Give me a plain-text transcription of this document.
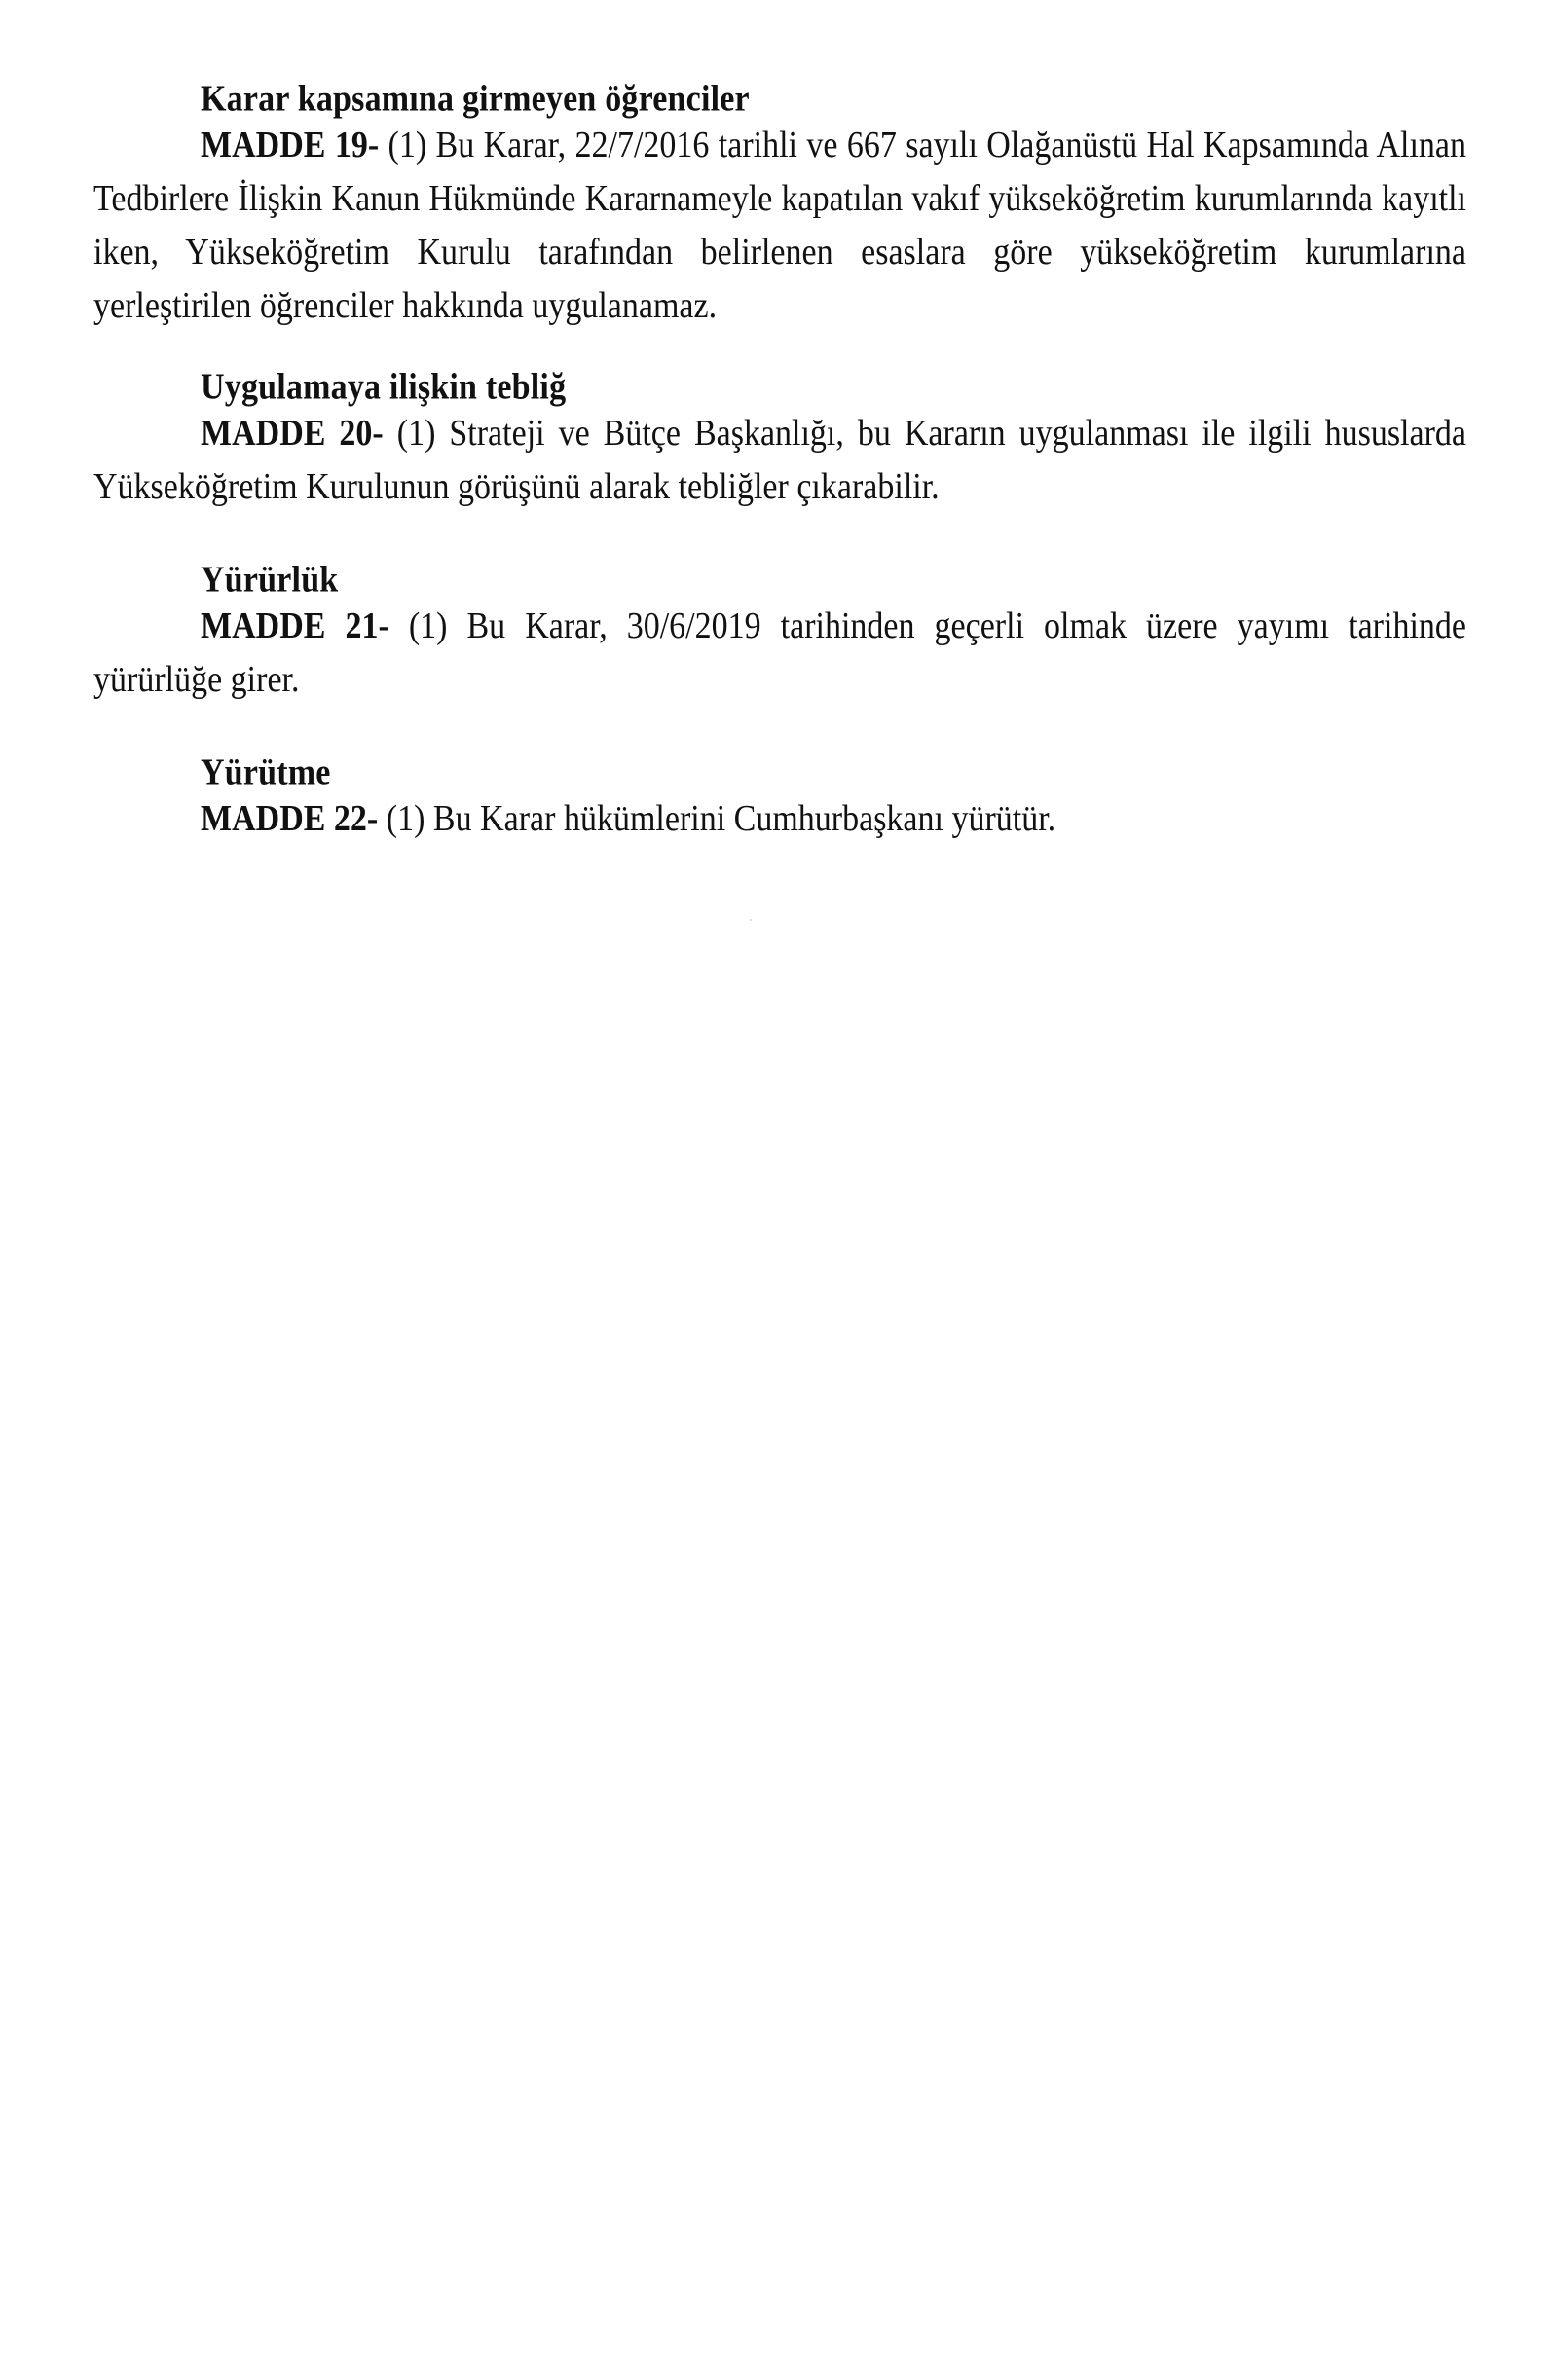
Karar kapsamına girmeyen öğrenciler

MADDE 19- (1) Bu Karar, 22/7/2016 tarihli ve 667 sayılı Olağanüstü Hal Kapsamında Alınan Tedbirlere İlişkin Kanun Hükmünde Kararnameyle kapatılan vakıf yükseköğretim kurumlarında kayıtlı iken, Yükseköğretim Kurulu tarafından belirlenen esaslara göre yükseköğretim kurumlarına yerleştirilen öğrenciler hakkında uygulanamaz.

Uygulamaya ilişkin tebliğ

MADDE 20- (1) Strateji ve Bütçe Başkanlığı, bu Kararın uygulanması ile ilgili hususlarda Yükseköğretim Kurulunun görüşünü alarak tebliğler çıkarabilir.

Yürürlük

MADDE 21- (1) Bu Karar, 30/6/2019 tarihinden geçerli olmak üzere yayımı tarihinde yürürlüğe girer.

Yürütme

MADDE 22- (1) Bu Karar hükümlerini Cumhurbaşkanı yürütür.
